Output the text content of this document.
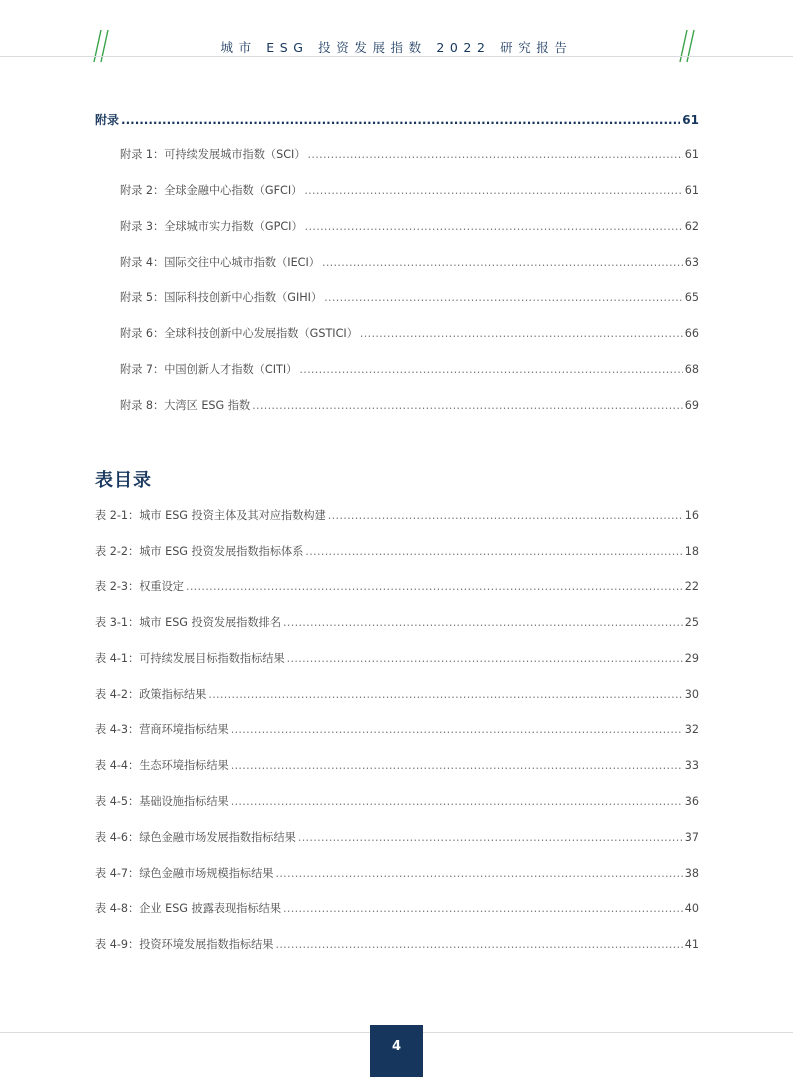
城市 ESG 投资发展指数 2022 研究报告
附录 .....	61
附录 1：可持续发展城市指数（SCI） .....	61
附录 2：全球金融中心指数（GFCI） .....	61
附录 3：全球城市实力指数（GPCI） .....	62
附录 4：国际交往中心城市指数（IECI） .....	63
附录 5：国际科技创新中心指数（GIHI） .....	65
附录 6：全球科技创新中心发展指数（GSTICI） .....	66
附录 7：中国创新人才指数（CITI） .....	68
附录 8：大湾区 ESG 指数 .....	69
表目录
表 2-1：城市 ESG 投资主体及其对应指数构建 .....	16
表 2-2：城市 ESG 投资发展指数指标体系 .....	18
表 2-3：权重设定 .....	22
表 3-1：城市 ESG 投资发展指数排名 .....	25
表 4-1：可持续发展目标指数指标结果 .....	29
表 4-2：政策指标结果 .....	30
表 4-3：营商环境指标结果 .....	32
表 4-4：生态环境指标结果 .....	33
表 4-5：基础设施指标结果 .....	36
表 4-6：绿色金融市场发展指数指标结果 .....	37
表 4-7：绿色金融市场规模指标结果 .....	38
表 4-8：企业 ESG 披露表现指标结果 .....	40
表 4-9：投资环境发展指数指标结果 .....	41
4
